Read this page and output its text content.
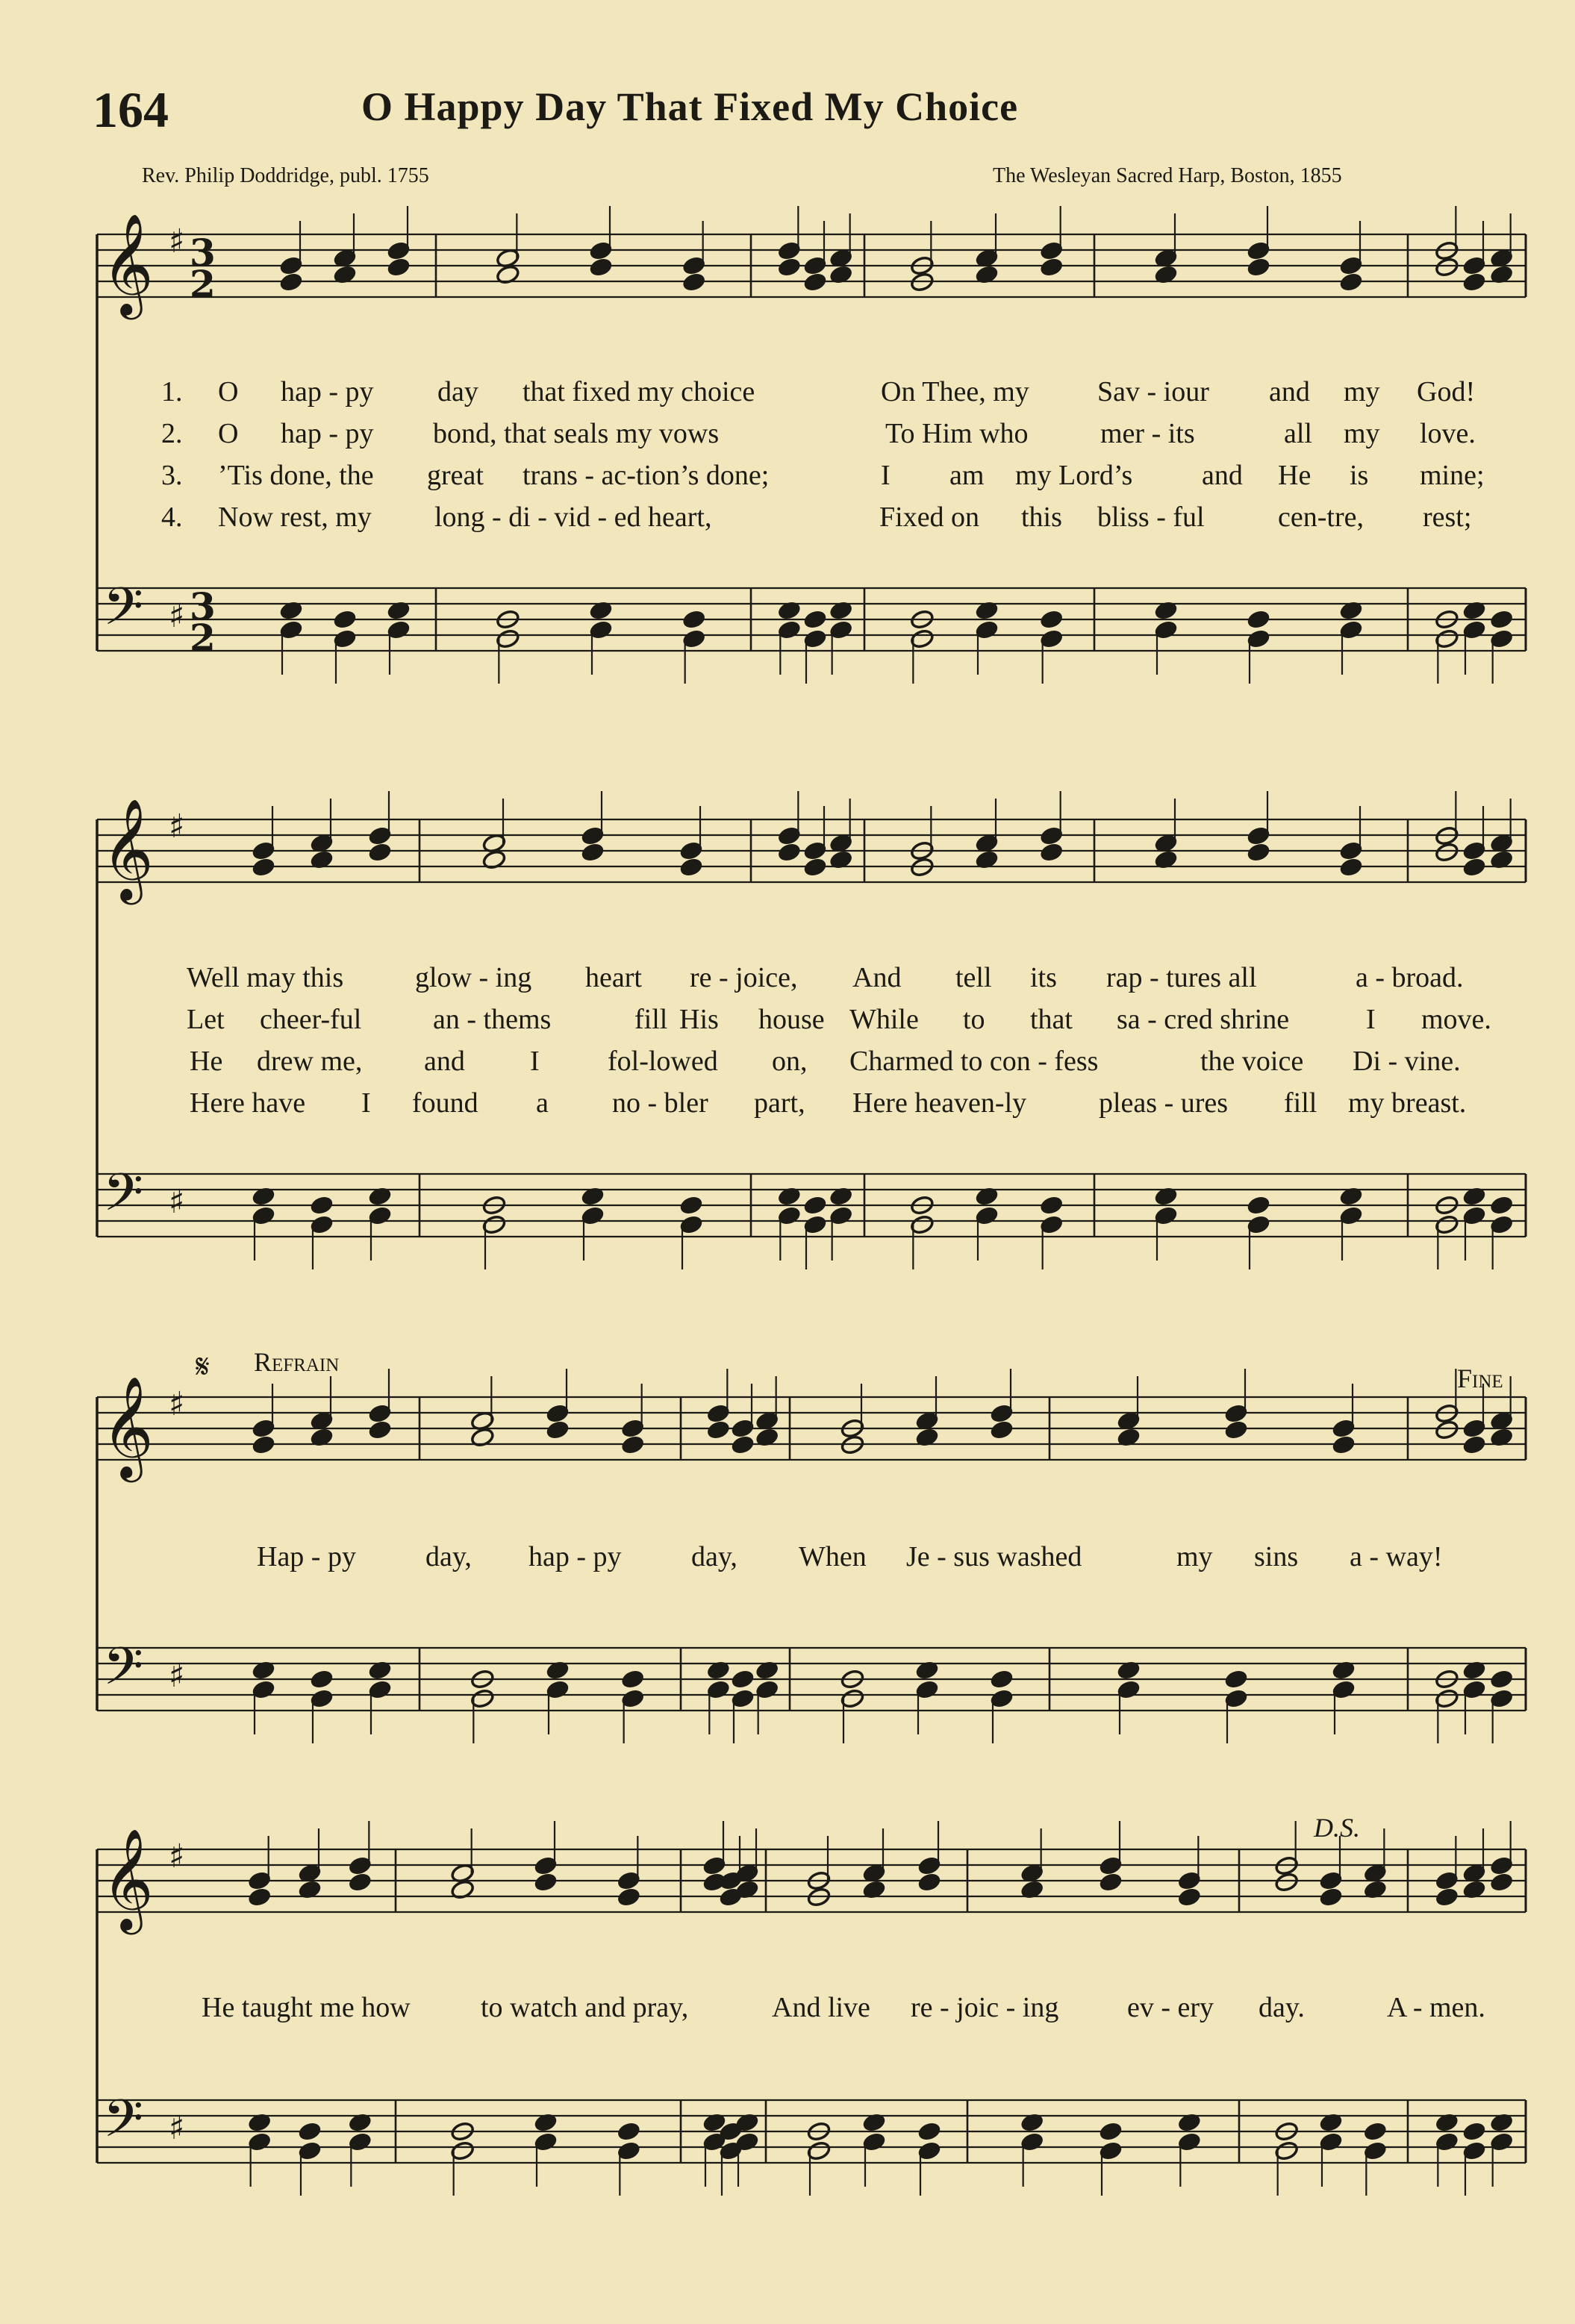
164	O Happy Day That Fixed My Choice
Rev. Philip Doddridge, publ. 1755	The Wesleyan Sacred Harp, Boston, 1855
𝄞
𝄢
♯
♯
3
2
3
2
𝄞
𝄢
♯
♯
𝄞
𝄢
♯
♯
𝄞
𝄢
♯
♯
1. O hap - py day that fixed my choice	On Thee, my Sav - iour and my God!
2. O hap - py bond, that seals my vows	To Him who	mer - its	all my love.
3. ’Tis done, the great trans - ac-tion’s done;	I am my Lord’s and He is mine;
4. Now rest, my long - di - vid - ed heart,	Fixed on this bliss - ful	cen-tre, rest;
Well may this	glow - ing heart re - joice, And tell its rap - tures all	a - broad.
Let cheer-ful	an - thems	fill His house While to that sa - cred shrine	I move.
He drew me, and I fol-lowed on, Charmed to con - fess	the voice Di - vine.
Here have I found a no - bler part, Here heaven-ly	pleas - ures fill my breast.
𝄋 Refrain
Fine
D.S.
Hap - py day, hap - py day, When Je - sus washed	my sins a - way!
He taught me how to watch and pray,	And live re - joic - ing ev - ery day.	A - men.
